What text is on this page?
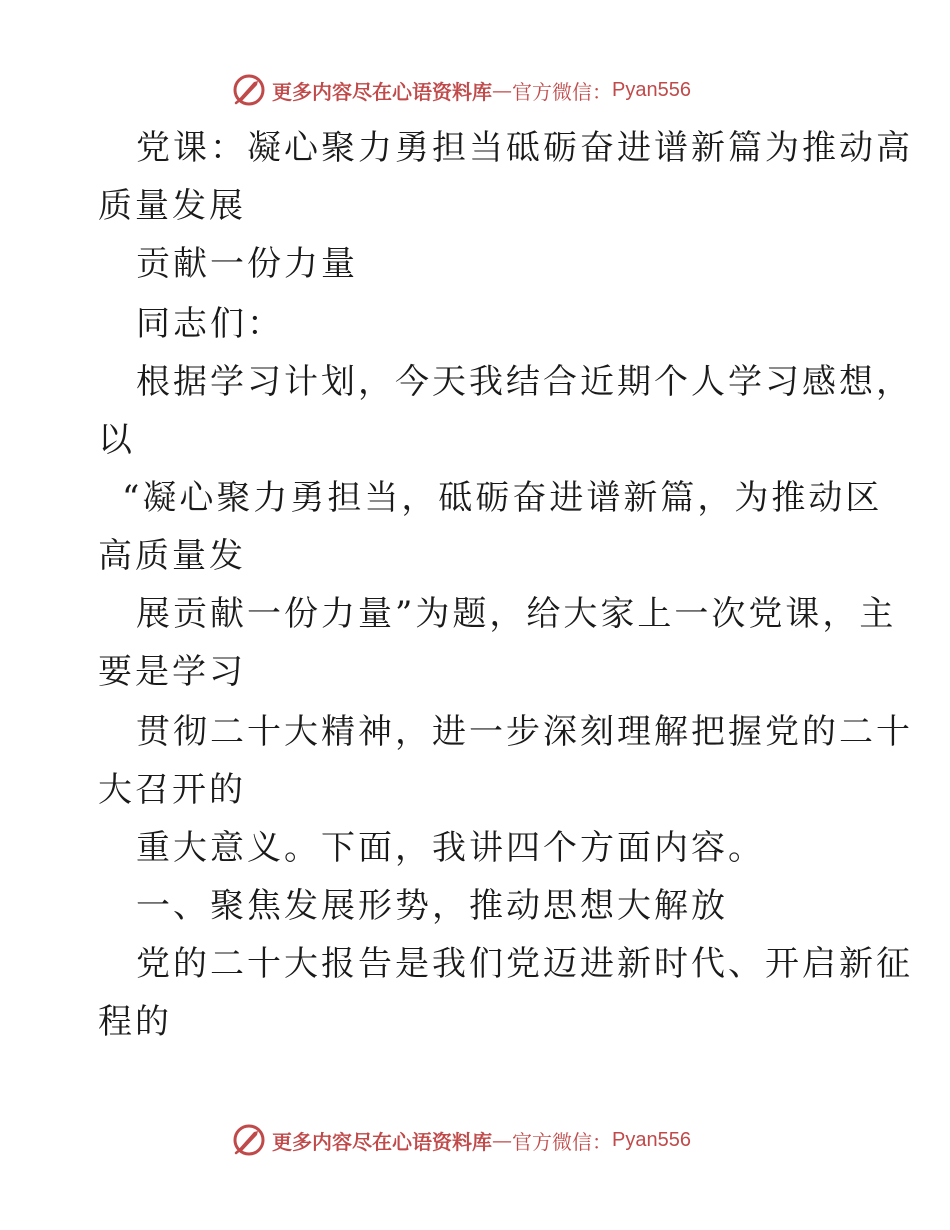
更多内容尽在心语资料库 — 官方微信： Pyan556
党课：凝心聚力勇担当砥砺奋进谱新篇为推动高
质量发展
贡献一份力量
同志们：
根据学习计划，今天我结合近期个人学习感想，
以
“凝心聚力勇担当，砥砺奋进谱新篇，为推动区
高质量发
展贡献一份力量”为题，给大家上一次党课，主
要是学习
贯彻二十大精神，进一步深刻理解把握党的二十
大召开的
重大意义。下面，我讲四个方面内容。
一、聚焦发展形势，推动思想大解放
党的二十大报告是我们党迈进新时代、开启新征
程的
更多内容尽在心语资料库 — 官方微信： Pyan556
